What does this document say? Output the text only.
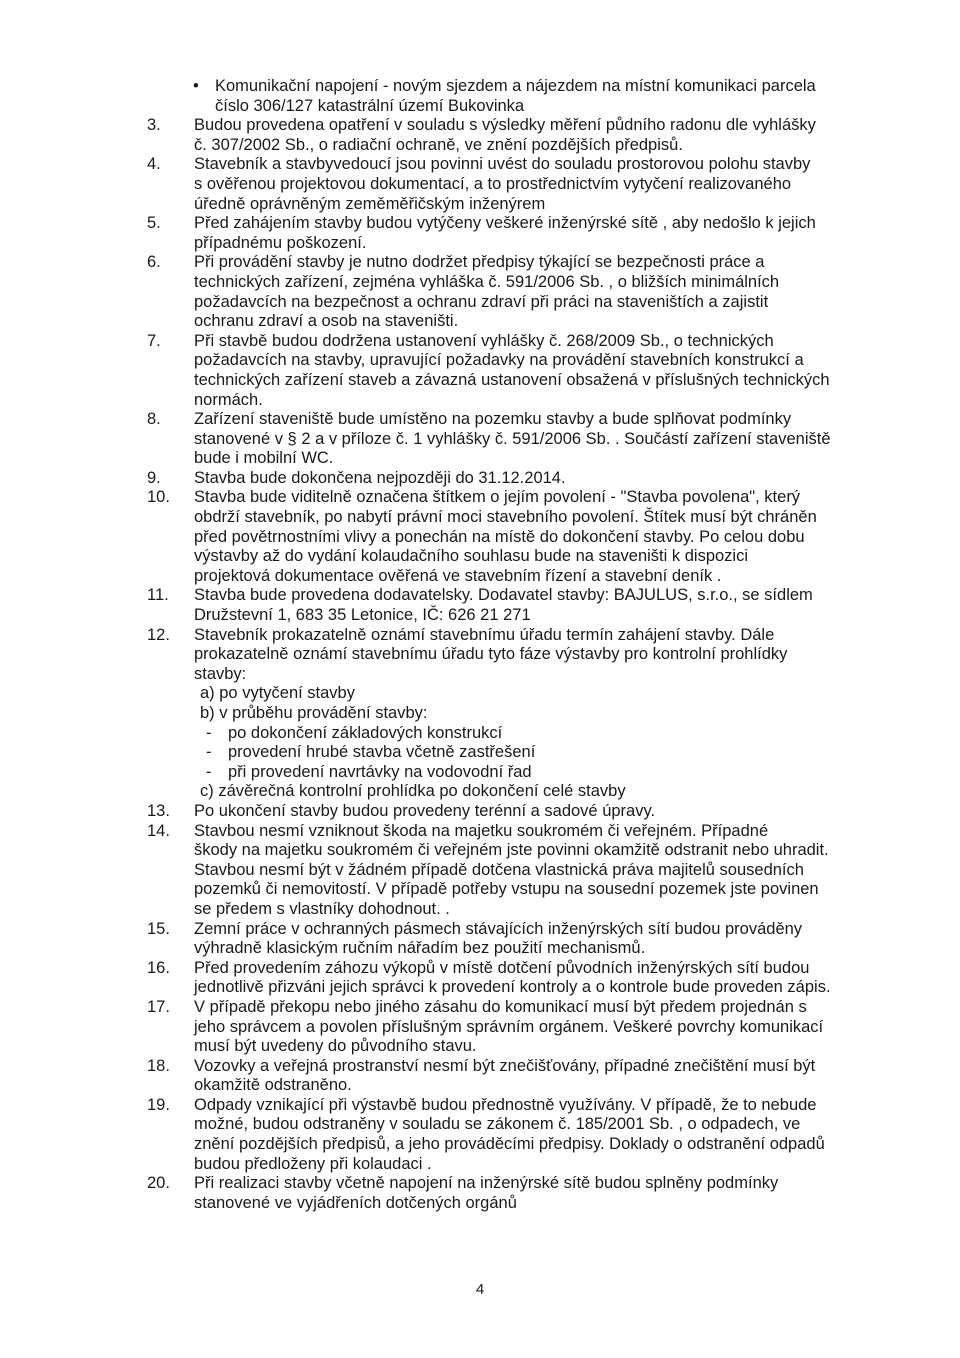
• Komunikační napojení - novým sjezdem a nájezdem na místní komunikaci parcela
číslo 306/127 katastrální území Bukovinka
3.	Budou provedena opatření v souladu s výsledky měření půdního radonu dle vyhlášky
č. 307/2002 Sb., o radiační ochraně, ve znění pozdějších předpisů.
4.	Stavebník a stavbyvedoucí jsou povinni uvést do souladu prostorovou polohu stavby
s ověřenou projektovou dokumentací, a to prostřednictvím vytyčení realizovaného
úředně oprávněným zeměměřičským inženýrem
5.	Před zahájením stavby budou vytýčeny veškeré inženýrské sítě , aby nedošlo k jejich
případnému poškození.
6.	Při provádění stavby je nutno dodržet předpisy týkající se bezpečnosti práce a
technických zařízení, zejména vyhláška č. 591/2006 Sb. , o bližších minimálních
požadavcích na bezpečnost a ochranu zdraví při práci na staveništích a zajistit
ochranu zdraví a osob na staveništi.
7.	Při stavbě budou dodržena ustanovení vyhlášky č. 268/2009 Sb., o technických
požadavcích na stavby, upravující požadavky na provádění stavebních konstrukcí a
technických zařízení staveb a závazná ustanovení obsažená v příslušných technických
normách.
8.	Zařízení staveniště bude umístěno na pozemku stavby a bude splňovat podmínky
stanovené v § 2 a v příloze č. 1 vyhlášky č. 591/2006 Sb. . Součástí zařízení staveniště
bude i mobilní WC.
9.	Stavba bude dokončena nejpozději do 31.12.2014.
10.	Stavba bude viditelně označena štítkem o jejím povolení - "Stavba povolena", který
obdrží stavebník, po nabytí právní moci stavebního povolení. Štítek musí být chráněn
před povětrnostními vlivy a ponechán na místě do dokončení stavby. Po celou dobu
výstavby až do vydání kolaudačního souhlasu bude na staveništi k dispozici
projektová dokumentace ověřená ve stavebním řízení a stavební deník .
11.	Stavba bude provedena dodavatelsky. Dodavatel stavby: BAJULUS, s.r.o., se sídlem
Družstevní 1, 683 35 Letonice, IČ: 626 21 271
12.	Stavebník prokazatelně oznámí stavebnímu úřadu termín zahájení stavby. Dále
prokazatelně oznámí stavebnímu úřadu tyto fáze výstavby pro kontrolní prohlídky
stavby:
a) po vytyčení stavby
b) v průběhu provádění stavby:
-	po dokončení základových konstrukcí
-	provedení hrubé stavba včetně zastřešení
-	při provedení navrtávky na vodovodní řad
c) závěrečná kontrolní prohlídka po dokončení celé stavby
13.	Po ukončení stavby budou provedeny terénní a sadové úpravy.
14.	Stavbou nesmí vzniknout škoda na majetku soukromém či veřejném. Případné
škody na majetku soukromém či veřejném jste povinni okamžitě odstranit nebo uhradit.
Stavbou nesmí být v žádném případě dotčena vlastnická práva majitelů sousedních
pozemků či nemovitostí. V případě potřeby vstupu na sousední pozemek jste povinen
se předem s vlastníky dohodnout. .
15.	Zemní práce v ochranných pásmech stávajících inženýrských sítí budou prováděny
výhradně klasickým ručním nářadím bez použití mechanismů.
16.	Před provedením záhozu výkopů v místě dotčení původních inženýrských sítí budou
jednotlivě přizváni jejich správci k provedení kontroly a o kontrole bude proveden zápis.
17.	V případě překopu nebo jiného zásahu do komunikací musí být předem projednán s
jeho správcem a povolen příslušným správním orgánem. Veškeré povrchy komunikací
musí být uvedeny do původního stavu.
18.	Vozovky a veřejná prostranství nesmí být znečišťovány, případné znečištění musí být
okamžitě odstraněno.
19.	Odpady vznikající při výstavbě budou přednostně využívány. V případě, že to nebude
možné, budou odstraněny v souladu se zákonem č. 185/2001 Sb. , o odpadech, ve
znění pozdějších předpisů, a jeho prováděcími předpisy. Doklady o odstranění odpadů
budou předloženy při kolaudaci .
20.	Při realizaci stavby včetně napojení na inženýrské sítě budou splněny podmínky
stanovené ve vyjádřeních dotčených orgánů
4
